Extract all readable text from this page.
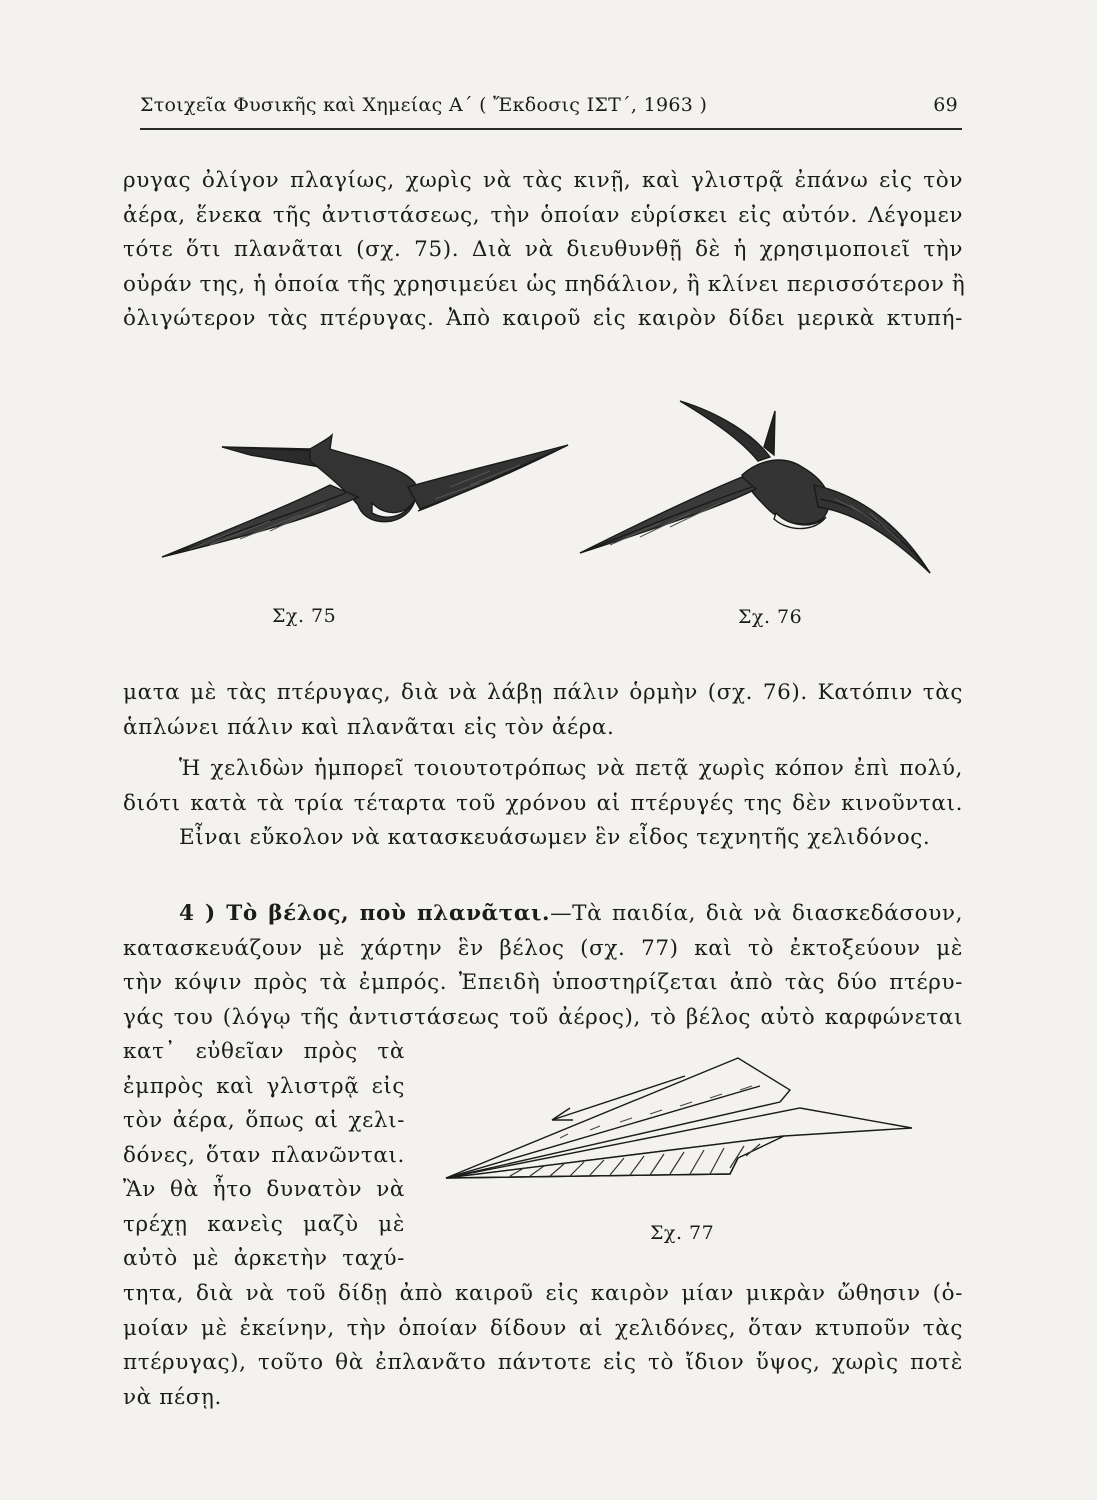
Στοιχεῖα Φυσικῆς καὶ Χημείας Α΄ ( Ἔκδοσις ΙΣΤ΄, 1963 )	69
ρυγας ὀλίγον πλαγίως, χωρὶς νὰ τὰς κινῇ, καὶ γλιστρᾷ ἐπάνω εἰς τὸν
ἀέρα, ἕνεκα τῆς ἀντιστάσεως, τὴν ὁποίαν εὑρίσκει εἰς αὐτόν. Λέγομεν
τότε ὅτι πλανᾶται (σχ. 75). Διὰ νὰ διευθυνθῇ δὲ ἡ χρησιμοποιεῖ τὴν
οὐράν της, ἡ ὁποία τῆς χρησιμεύει ὡς πηδάλιον, ἢ κλίνει περισσότερον ἢ
ὀλιγώτερον τὰς πτέρυγας. Ἀπὸ καιροῦ εἰς καιρὸν δίδει μερικὰ κτυπή-
Σχ. 75	Σχ. 76
ματα μὲ τὰς πτέρυγας, διὰ νὰ λάβῃ πάλιν ὁρμὴν (σχ. 76). Κατόπιν τὰς
ἁπλώνει πάλιν καὶ πλανᾶται εἰς τὸν ἀέρα.
Ἡ χελιδὼν ἠμπορεῖ τοιουτοτρόπως νὰ πετᾷ χωρὶς κόπον ἐπὶ πολύ,
διότι κατὰ τὰ τρία τέταρτα τοῦ χρόνου αἱ πτέρυγές της δὲν κινοῦνται.
Εἶναι εὔκολον νὰ κατασκευάσωμεν ἓν εἶδος τεχνητῆς χελιδόνος.
4 ) Τὸ βέλος, ποὺ πλανᾶται.—Τὰ παιδία, διὰ νὰ διασκεδάσουν,
κατασκευάζουν μὲ χάρτην ἓν βέλος (σχ. 77) καὶ τὸ ἐκτοξεύουν μὲ
τὴν κόψιν πρὸς τὰ ἐμπρός. Ἐπειδὴ ὑποστηρίζεται ἀπὸ τὰς δύο πτέρυ-
γάς του (λόγῳ τῆς ἀντιστάσεως τοῦ ἀέρος), τὸ βέλος αὐτὸ καρφώνεται
κατ᾽ εὐθεῖαν πρὸς τὰ
ἐμπρὸς καὶ γλιστρᾷ εἰς
τὸν ἀέρα, ὅπως αἱ χελι-
δόνες, ὅταν πλανῶνται.
Ἂν θὰ ἦτο δυνατὸν νὰ
τρέχῃ κανεὶς μαζὺ μὲ
αὐτὸ μὲ ἀρκετὴν ταχύ-
Σχ. 77
τητα, διὰ νὰ τοῦ δίδῃ ἀπὸ καιροῦ εἰς καιρὸν μίαν μικρὰν ὤθησιν (ὁ-
μοίαν μὲ ἐκείνην, τὴν ὁποίαν δίδουν αἱ χελιδόνες, ὅταν κτυποῦν τὰς
πτέρυγας), τοῦτο θὰ ἐπλανᾶτο πάντοτε εἰς τὸ ἴδιον ὕψος, χωρὶς ποτὲ
νὰ πέσῃ.
